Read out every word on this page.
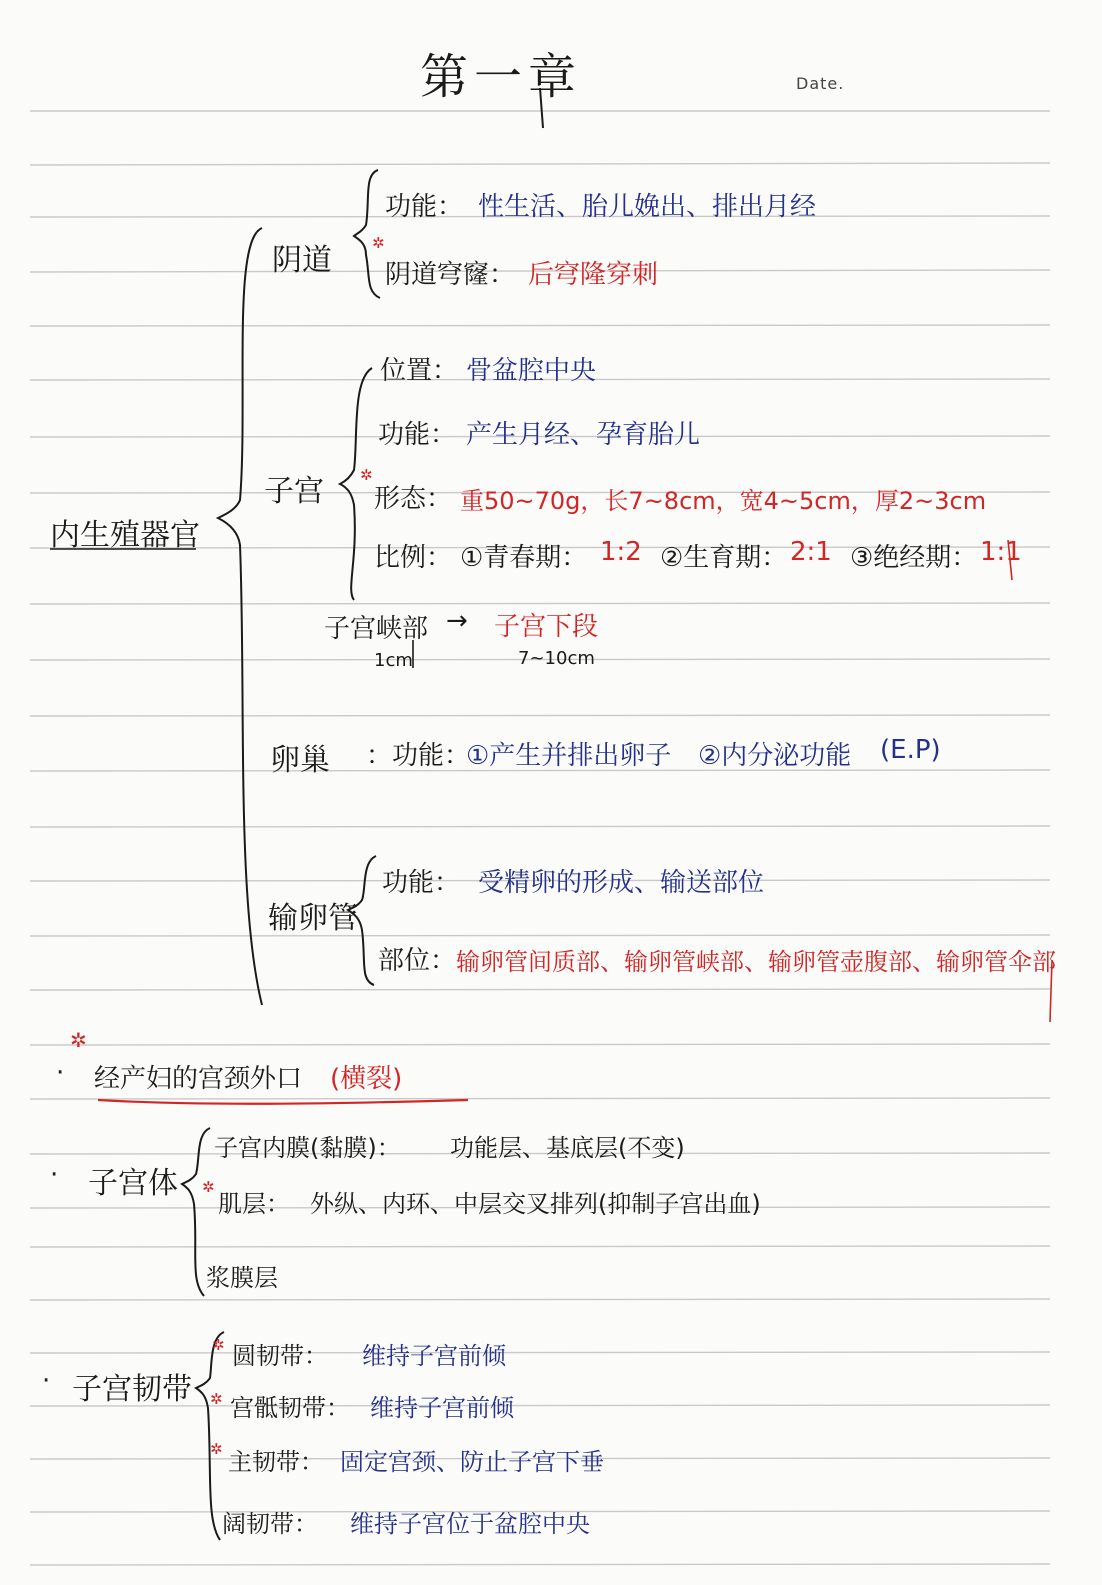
第一章	Date.
内生殖器官
阴道
功能： 性生活、胎儿娩出、排出月经
✲
阴道穹窿： 后穹隆穿刺
子宫
位置： 骨盆腔中央
功能： 产生月经、孕育胎儿
✲
形态： 重50~70g，长7~8cm，宽4~5cm，厚2~3cm
比例： ①青春期： 1:2 ②生育期： 2:1 ③绝经期： 1:1
子宫峡部
1cm
→ 子宫下段
7~10cm
卵巢 ：功能：
①产生并排出卵子 ②内分泌功能 (E.P)
输卵管
功能： 受精卵的形成、输送部位
部位： 输卵管间质部、输卵管峡部、输卵管壶腹部、输卵管伞部
✲
· 经产妇的宫颈外口 (横裂)
· 子宫体
子宫内膜(黏膜)： 功能层、基底层(不变)
✲
肌层： 外纵、内环、中层交叉排列(抑制子宫出血)
浆膜层
· 子宫韧带
✲ 圆韧带： 维持子宫前倾
✲ 宫骶韧带： 维持子宫前倾
✲ 主韧带： 固定宫颈、防止子宫下垂
阔韧带： 维持子宫位于盆腔中央
